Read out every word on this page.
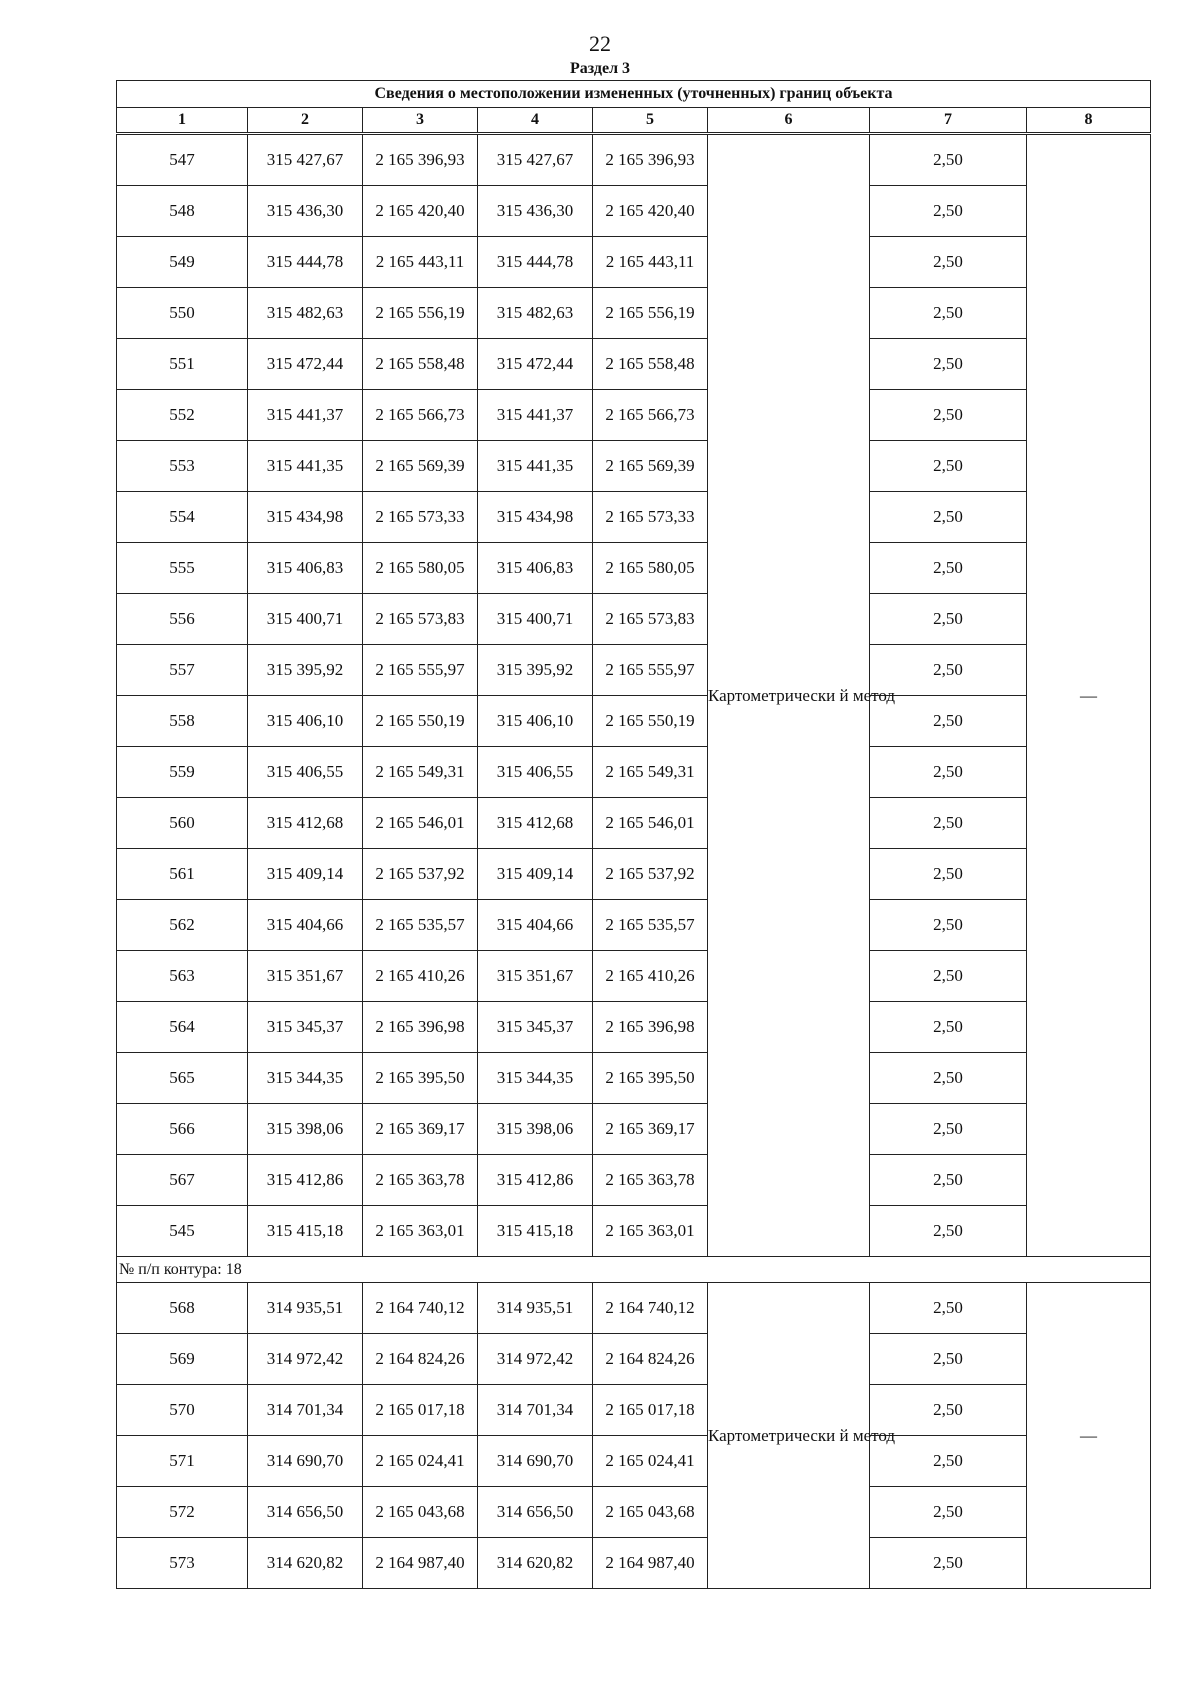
22
Раздел 3
Сведения о местоположении измененных (уточненных) границ объекта							
1	2	3	4	5	6	7	8
547	315 427,67	2 165 396,93	315 427,67	2 165 396,93	Картометрически й метод	2,50	—
548	315 436,30	2 165 420,40	315 436,30	2 165 420,40		2,50	
549	315 444,78	2 165 443,11	315 444,78	2 165 443,11		2,50	
550	315 482,63	2 165 556,19	315 482,63	2 165 556,19		2,50	
551	315 472,44	2 165 558,48	315 472,44	2 165 558,48		2,50	
552	315 441,37	2 165 566,73	315 441,37	2 165 566,73		2,50	
553	315 441,35	2 165 569,39	315 441,35	2 165 569,39		2,50	
554	315 434,98	2 165 573,33	315 434,98	2 165 573,33		2,50	
555	315 406,83	2 165 580,05	315 406,83	2 165 580,05		2,50	
556	315 400,71	2 165 573,83	315 400,71	2 165 573,83		2,50	
557	315 395,92	2 165 555,97	315 395,92	2 165 555,97		2,50	
558	315 406,10	2 165 550,19	315 406,10	2 165 550,19		2,50	
559	315 406,55	2 165 549,31	315 406,55	2 165 549,31		2,50	
560	315 412,68	2 165 546,01	315 412,68	2 165 546,01		2,50	
561	315 409,14	2 165 537,92	315 409,14	2 165 537,92		2,50	
562	315 404,66	2 165 535,57	315 404,66	2 165 535,57		2,50	
563	315 351,67	2 165 410,26	315 351,67	2 165 410,26		2,50	
564	315 345,37	2 165 396,98	315 345,37	2 165 396,98		2,50	
565	315 344,35	2 165 395,50	315 344,35	2 165 395,50		2,50	
566	315 398,06	2 165 369,17	315 398,06	2 165 369,17		2,50	
567	315 412,86	2 165 363,78	315 412,86	2 165 363,78		2,50	
545	315 415,18	2 165 363,01	315 415,18	2 165 363,01		2,50	
№ п/п контура: 18							
568	314 935,51	2 164 740,12	314 935,51	2 164 740,12	Картометрически й метод	2,50	—
569	314 972,42	2 164 824,26	314 972,42	2 164 824,26		2,50	
570	314 701,34	2 165 017,18	314 701,34	2 165 017,18		2,50	
571	314 690,70	2 165 024,41	314 690,70	2 165 024,41		2,50	
572	314 656,50	2 165 043,68	314 656,50	2 165 043,68		2,50	
573	314 620,82	2 164 987,40	314 620,82	2 164 987,40		2,50	
